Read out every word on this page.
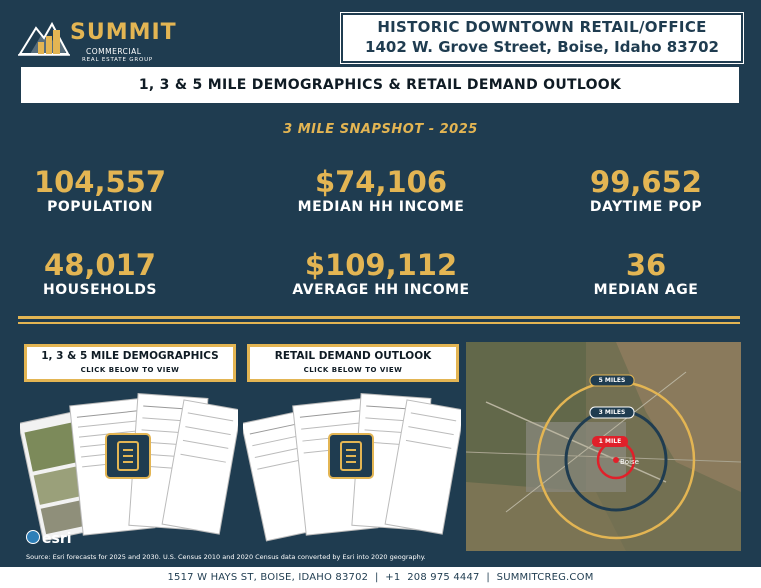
SUMMIT
COMMERCIAL
REAL ESTATE GROUP
HISTORIC DOWNTOWN RETAIL/OFFICE
1402 W. Grove Street, Boise, Idaho 83702
1, 3 & 5 MILE DEMOGRAPHICS & RETAIL DEMAND OUTLOOK
3 MILE SNAPSHOT - 2025
104,557
POPULATION
$74,106
MEDIAN HH INCOME
99,652
DAYTIME POP
48,017
HOUSEHOLDS
$109,112
AVERAGE HH INCOME
36
MEDIAN AGE
1, 3 & 5 MILE DEMOGRAPHICS
CLICK BELOW TO VIEW
RETAIL DEMAND OUTLOOK
CLICK BELOW TO VIEW
5 MILES
3 MILES
1 MILE
Boise
esri
Source: Esri forecasts for 2025 and 2030. U.S. Census 2010 and 2020 Census data converted by Esri into 2020 geography.
1517 W HAYS ST, BOISE, IDAHO 83702  |  +1  208 975 4447  |  SUMMITCREG.COM
